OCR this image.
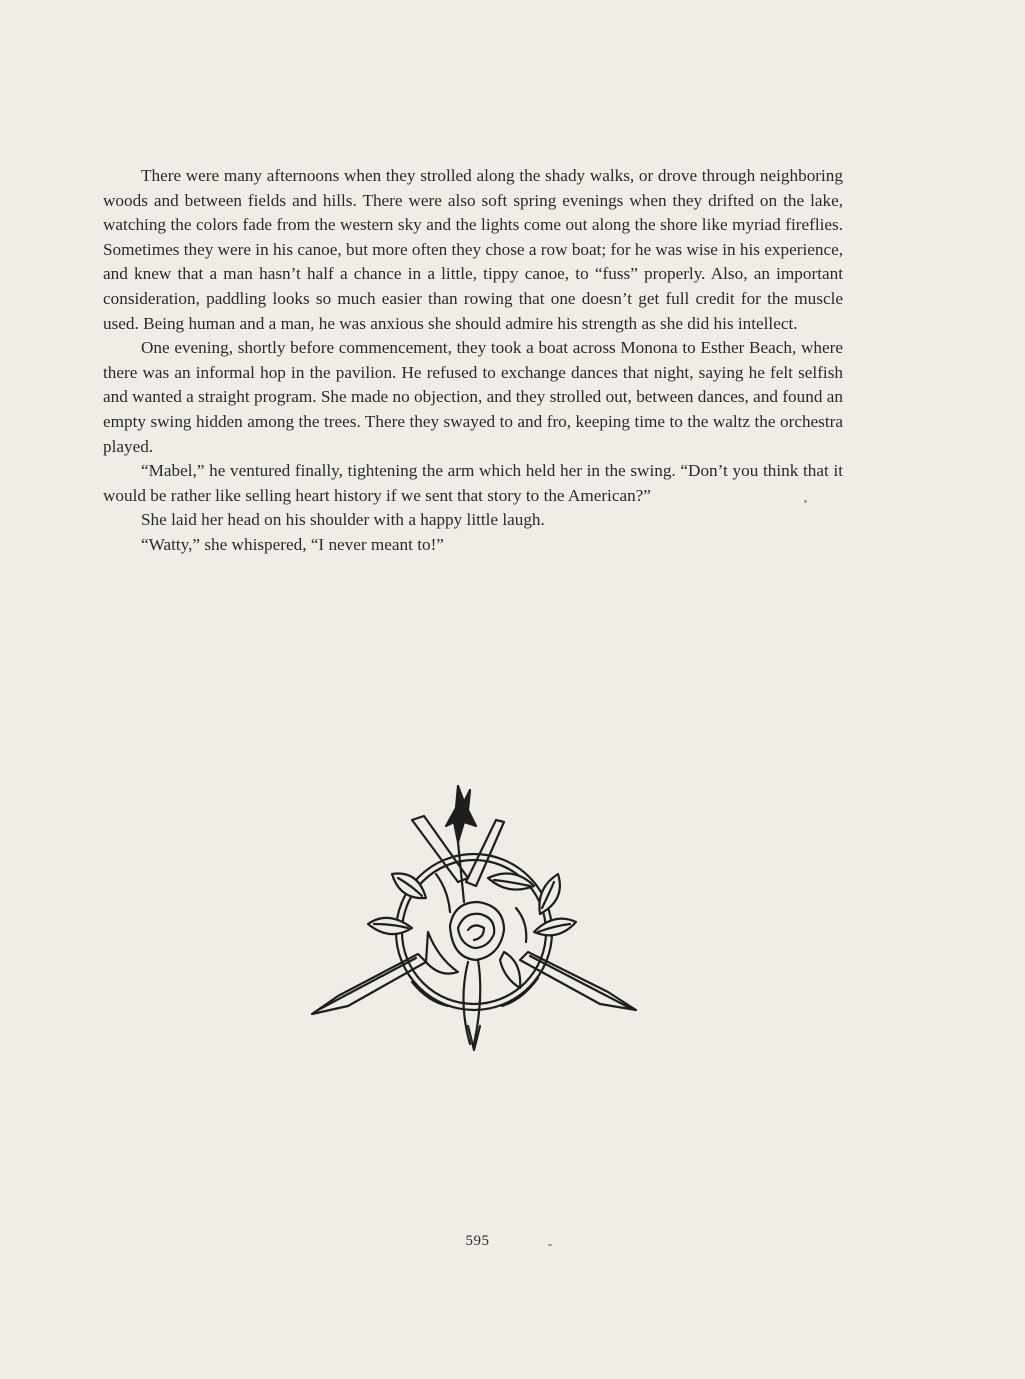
There were many afternoons when they strolled along the shady walks, or drove through neighboring woods and between fields and hills. There were also soft spring evenings when they drifted on the lake, watching the colors fade from the western sky and the lights come out along the shore like myriad fireflies. Sometimes they were in his canoe, but more often they chose a row boat; for he was wise in his experience, and knew that a man hasn’t half a chance in a little, tippy canoe, to “fuss” properly. Also, an important consideration, paddling looks so much easier than rowing that one doesn’t get full credit for the muscle used. Being human and a man, he was anxious she should admire his strength as she did his intellect.

One evening, shortly before commencement, they took a boat across Monona to Esther Beach, where there was an informal hop in the pavilion. He refused to exchange dances that night, saying he felt selfish and wanted a straight program. She made no objection, and they strolled out, between dances, and found an empty swing hidden among the trees. There they swayed to and fro, keeping time to the waltz the orchestra played.

“Mabel,” he ventured finally, tightening the arm which held her in the swing. “Don’t you think that it would be rather like selling heart history if we sent that story to the American?”

She laid her head on his shoulder with a happy little laugh.

“Watty,” she whispered, “I never meant to!”

595
